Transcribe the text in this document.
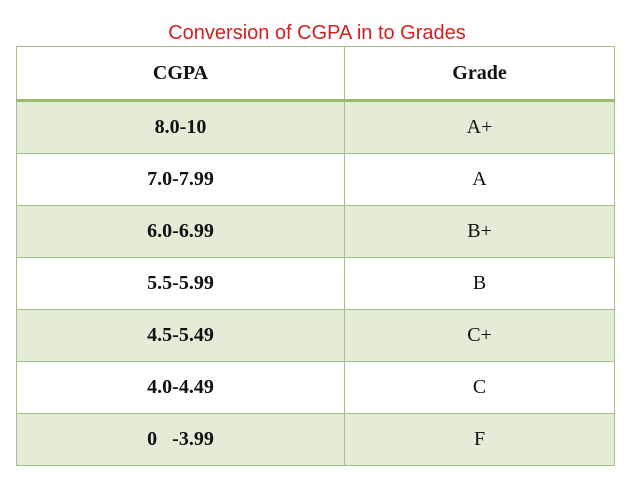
Conversion of CGPA in to Grades
CGPA	Grade
8.0-10	A+
7.0-7.99	A
6.0-6.99	B+
5.5-5.99	B
4.5-5.49	C+
4.0-4.49	C
0   -3.99	F
